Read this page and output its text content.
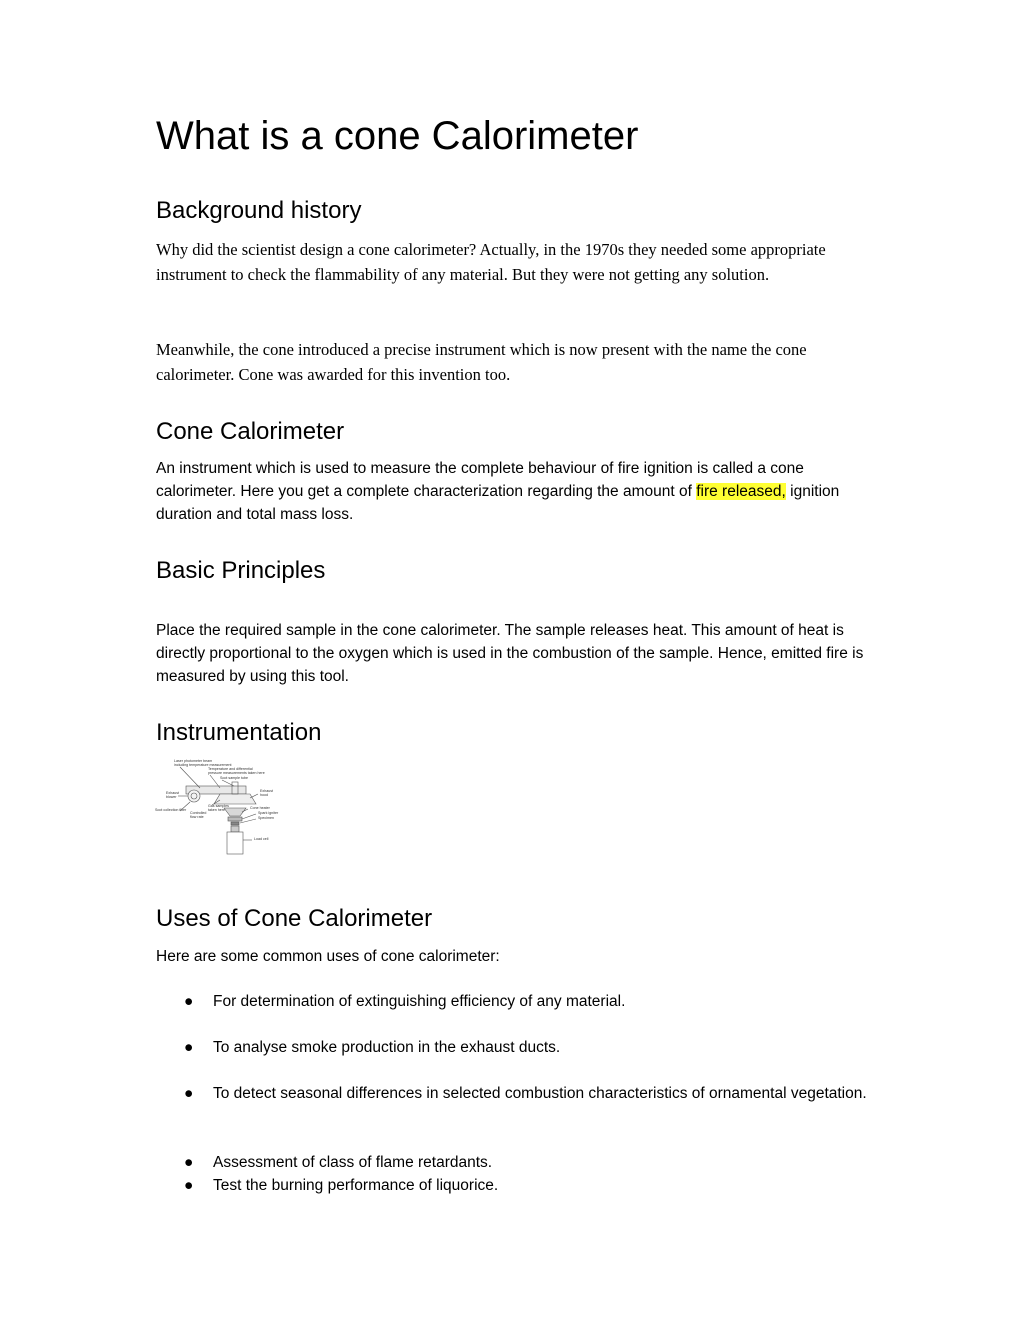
What is a cone Calorimeter
Background history

Why did the scientist design a cone calorimeter? Actually, in the 1970s they needed some appropriate instrument to check the flammability of any material. But they were not getting any solution.

Meanwhile, the cone introduced a precise instrument which is now present with the name the cone calorimeter. Cone was awarded for this invention too.

Cone Calorimeter

An instrument which is used to measure the complete behaviour of fire ignition is called a cone calorimeter. Here you get a complete characterization regarding the amount of fire released, ignition duration and total mass loss.

Basic Principles

Place the required sample in the cone calorimeter. The sample releases heat. This amount of heat is directly proportional to the oxygen which is used in the combustion of the sample. Hence, emitted fire is measured by using this tool.

Instrumentation
Laser photometer beam
including temperature measurement
Temperature and differential
pressure measurements taken here
Soot sample tube
Exhaust
blower
Exhaust
hood
Soot collection filter
Controlled
flow rate
Gas samples
taken here	Cone heater
Spark igniter
Specimen
Load cell
Uses of Cone Calorimeter

Here are some common uses of cone calorimeter:

● For determination of extinguishing efficiency of any material.
● To analyse smoke production in the exhaust ducts.
● To detect seasonal differences in selected combustion characteristics of ornamental vegetation.
● Assessment of class of flame retardants.
● Test the burning performance of liquorice.
